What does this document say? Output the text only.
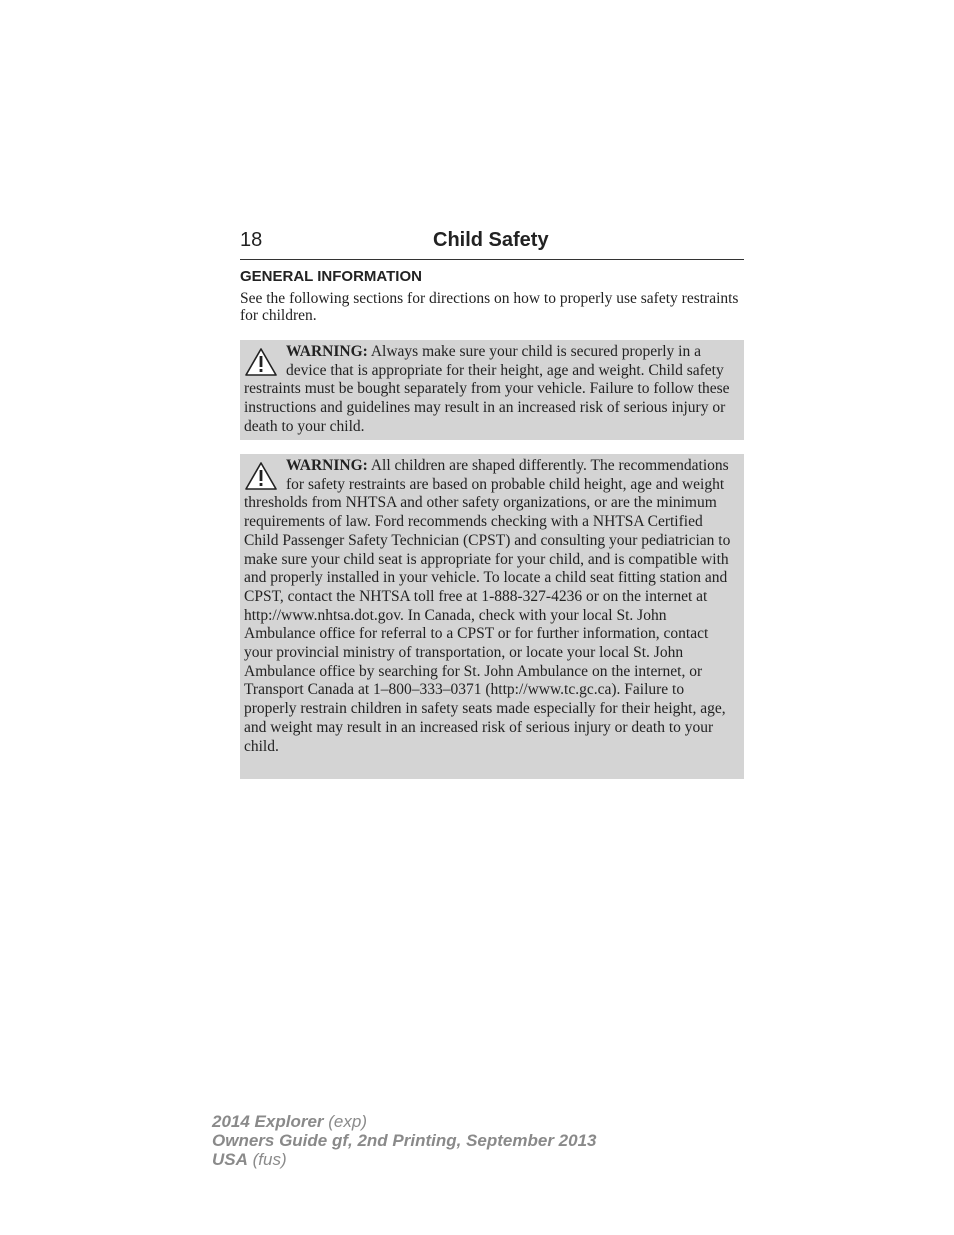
18	Child Safety
GENERAL INFORMATION

See the following sections for directions on how to properly use safety restraints for children.

WARNING: Always make sure your child is secured properly in a device that is appropriate for their height, age and weight. Child safety restraints must be bought separately from your vehicle. Failure to follow these instructions and guidelines may result in an increased risk of serious injury or death to your child.
WARNING: All children are shaped differently. The recommendations for safety restraints are based on probable child height, age and weight thresholds from NHTSA and other safety organizations, or are the minimum requirements of law. Ford recommends checking with a NHTSA Certified Child Passenger Safety Technician (CPST) and consulting your pediatrician to make sure your child seat is appropriate for your child, and is compatible with and properly installed in your vehicle. To locate a child seat fitting station and CPST, contact the NHTSA toll free at 1-888-327-4236 or on the internet at http://www.nhtsa.dot.gov. In Canada, check with your local St. John Ambulance office for referral to a CPST or for further information, contact your provincial ministry of transportation, or locate your local St. John Ambulance office by searching for St. John Ambulance on the internet, or Transport Canada at 1–800–333–0371 (http://www.tc.gc.ca). Failure to properly restrain children in safety seats made especially for their height, age, and weight may result in an increased risk of serious injury or death to your child.
2014 Explorer (exp)
Owners Guide gf, 2nd Printing, September 2013
USA (fus)
